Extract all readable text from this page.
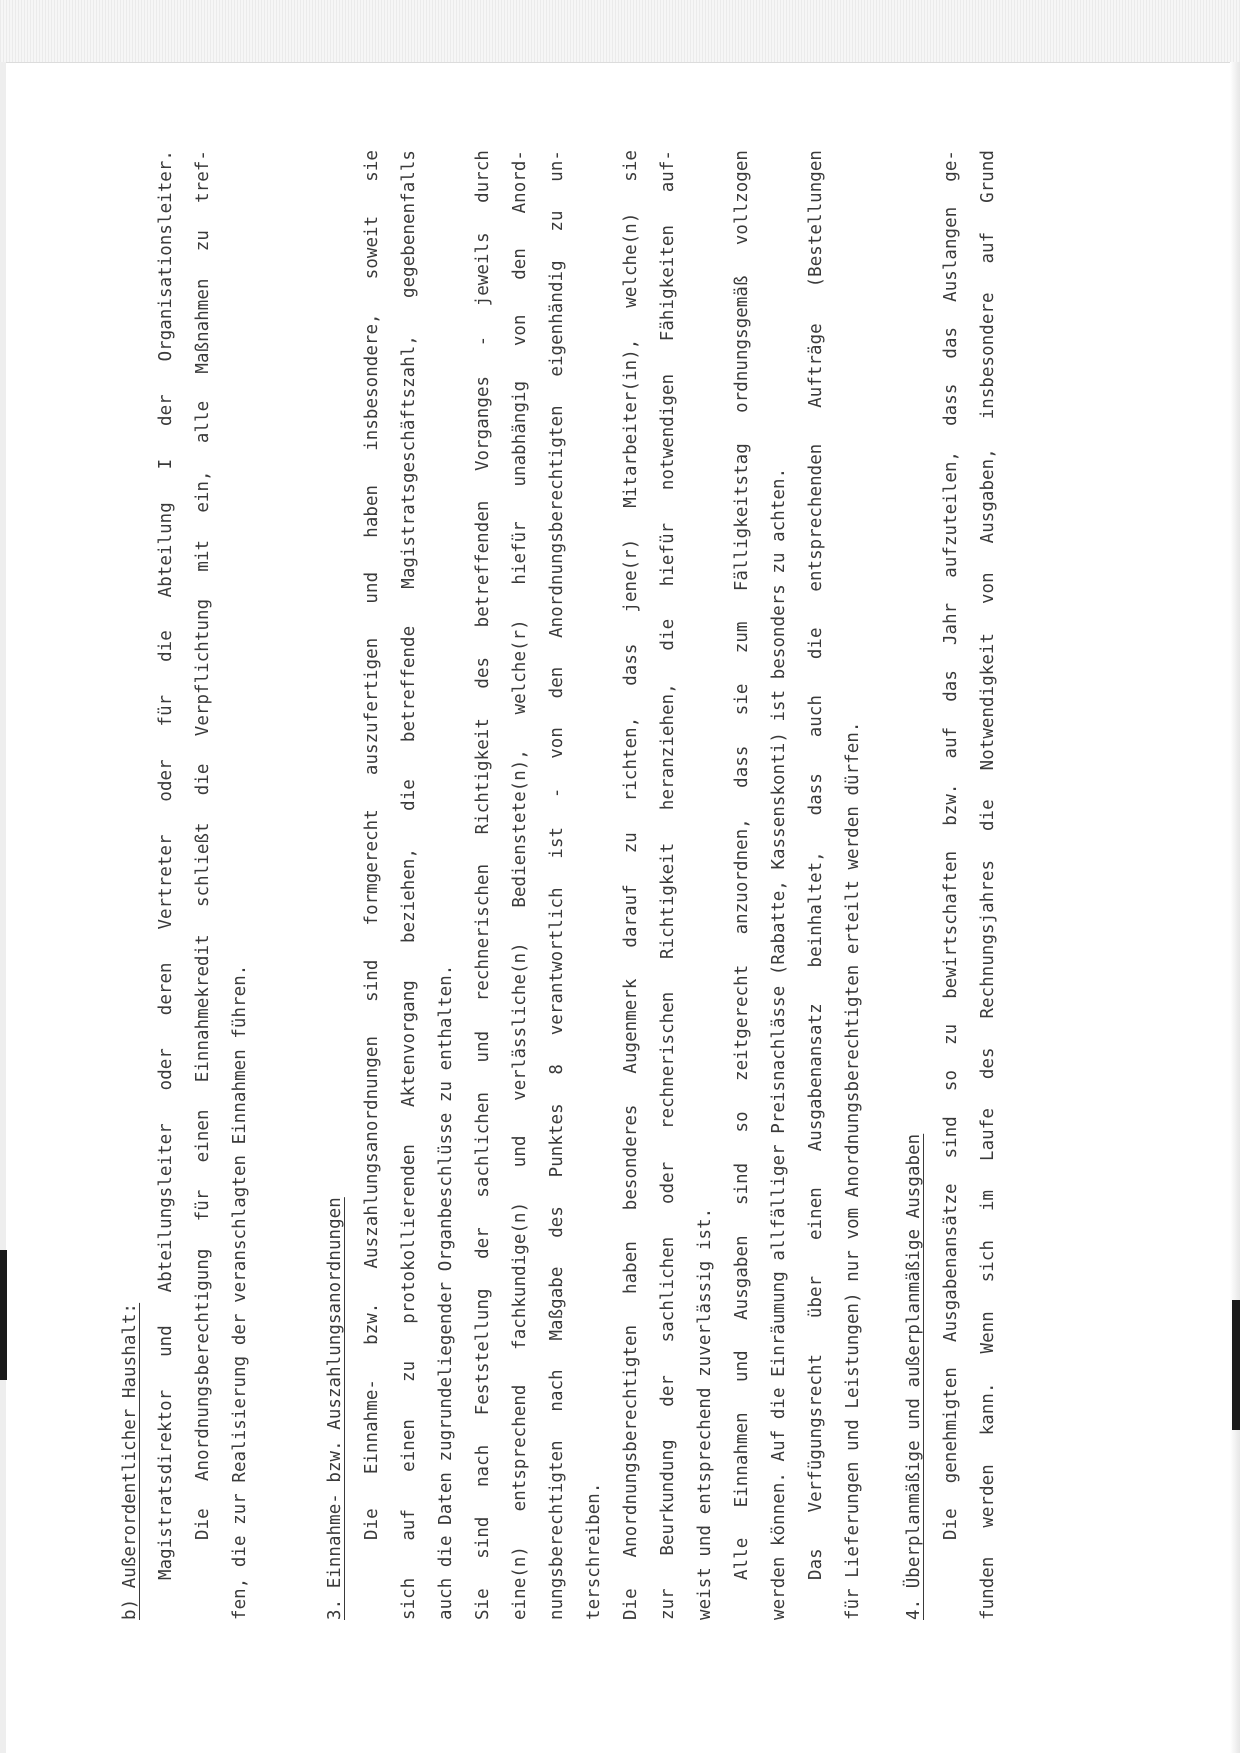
b) Außerordentlicher Haushalt: Magistratsdirektor und Abteilungsleiter oder deren Vertreter oder für die Abteilung I der Organisationsleiter. Die Anordnungsberechtigung für einen Einnahmekredit schließt die Verpflichtung mit ein, alle Maßnahmen zu tref- fen, die zur Realisierung der veranschlagten Einnahmen führen.	3. Einnahme- bzw. Auszahlungsanordnungen Die Einnahme- bzw. Auszahlungsanordnungen sind formgerecht auszufertigen und haben insbesondere, soweit sie sich auf einen zu protokollierenden Aktenvorgang beziehen, die betreffende Magistratsgeschäftszahl, gegebenenfalls auch die Daten zugrundeliegender Organbeschlüsse zu enthalten. Sie sind nach Feststellung der sachlichen und rechnerischen Richtigkeit des betreffenden Vorganges - jeweils durch eine(n) entsprechend fachkundige(n) und verlässliche(n) Bedienstete(n), welche(r) hiefür unabhängig von den Anord- nungsberechtigten nach Maßgabe des Punktes 8 verantwortlich ist - von den Anordnungsberechtigten eigenhändig zu un- terschreiben. Die Anordnungsberechtigten haben besonderes Augenmerk darauf zu richten, dass jene(r) Mitarbeiter(in), welche(n) sie zur Beurkundung der sachlichen oder rechnerischen Richtigkeit heranziehen, die hiefür notwendigen Fähigkeiten auf- weist und entsprechend zuverlässig ist. Alle Einnahmen und Ausgaben sind so zeitgerecht anzuordnen, dass sie zum Fälligkeitstag ordnungsgemäß vollzogen werden können. Auf die Einräumung allfälliger Preisnachlässe (Rabatte, Kassenskonti) ist besonders zu achten. Das Verfügungsrecht über einen Ausgabenansatz beinhaltet, dass auch die entsprechenden Aufträge (Bestellungen für Lieferungen und Leistungen) nur vom Anordnungsberechtigten erteilt werden dürfen. 4. Überplanmäßige und außerplanmäßige Ausgaben Die genehmigten Ausgabenansätze sind so zu bewirtschaften bzw. auf das Jahr aufzuteilen, dass das Auslangen ge- funden werden kann. Wenn sich im Laufe des Rechnungsjahres die Notwendigkeit von Ausgaben, insbesondere auf Grund
